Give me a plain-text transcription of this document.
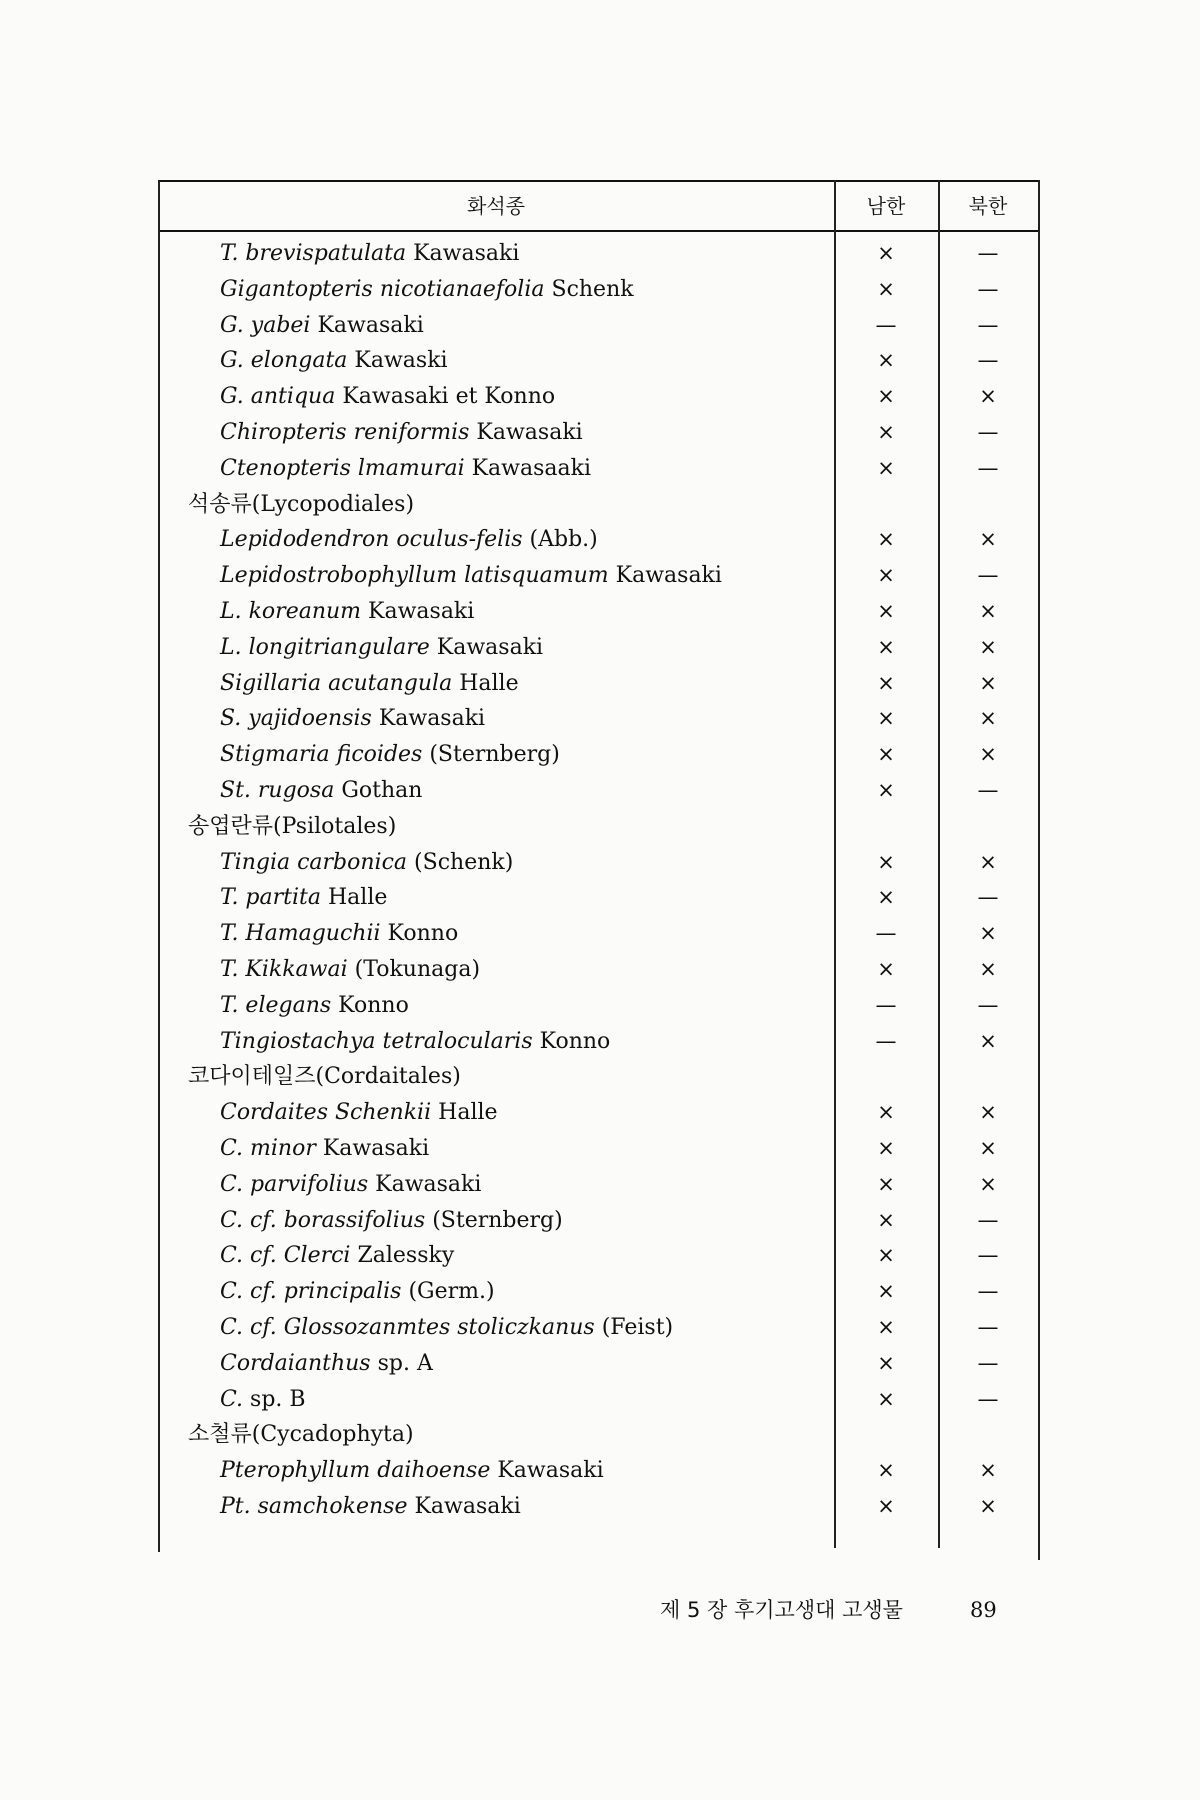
화석종	남한	북한
T. brevispatulata Kawasaki	×	—
Gigantopteris nicotianaefolia Schenk	×	—
G. yabei Kawasaki	—	—
G. elongata Kawaski	×	—
G. antiqua Kawasaki et Konno	×	×
Chiropteris reniformis Kawasaki	×	—
Ctenopteris lmamurai Kawasaaki	×	—
석송류(Lycopodiales)
Lepidodendron oculus-felis (Abb.)	×	×
Lepidostrobophyllum latisquamum Kawasaki	×	—
L. koreanum Kawasaki	×	×
L. longitriangulare Kawasaki	×	×
Sigillaria acutangula Halle	×	×
S. yajidoensis Kawasaki	×	×
Stigmaria ficoides (Sternberg)	×	×
St. rugosa Gothan	×	—
송엽란류(Psilotales)
Tingia carbonica (Schenk)	×	×
T. partita Halle	×	—
T. Hamaguchii Konno	—	×
T. Kikkawai (Tokunaga)	×	×
T. elegans Konno	—	—
Tingiostachya tetralocularis Konno	—	×
코다이테일즈(Cordaitales)
Cordaites Schenkii Halle	×	×
C. minor Kawasaki	×	×
C. parvifolius Kawasaki	×	×
C. cf. borassifolius (Sternberg)	×	—
C. cf. Clerci Zalessky	×	—
C. cf. principalis (Germ.)	×	—
C. cf. Glossozanmtes stoliczkanus (Feist)	×	—
Cordaianthus sp. A	×	—
C. sp. B	×	—
소철류(Cycadophyta)
Pterophyllum daihoense Kawasaki	×	×
Pt. samchokense Kawasaki	×	×
제 5 장 후기고생대 고생물	89
